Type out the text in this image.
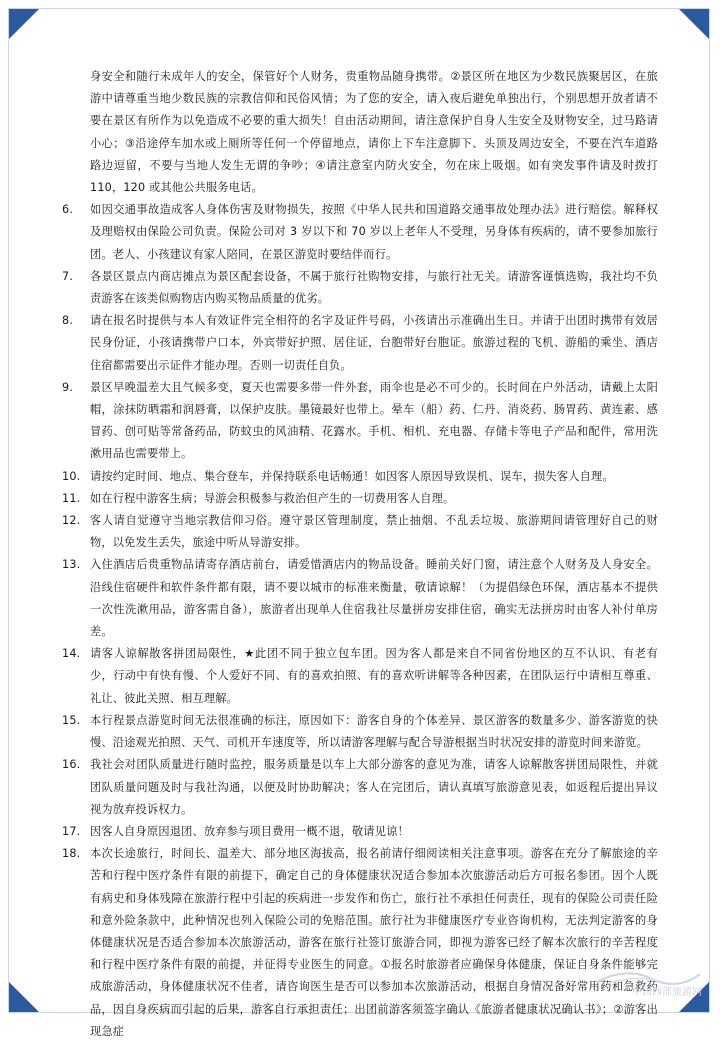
身安全和随行未成年人的安全，保管好个人财务，贵重物品随身携带。②景区所在地区为少数民族聚居区，在旅游中请尊重当地少数民族的宗教信仰和民俗风情；为了您的安全，请入夜后避免单独出行，个别思想开放者请不要在景区有所作为以免造成不必要的重大损失！自由活动期间，请注意保护自身人生安全及财物安全，过马路请小心；③沿途停车加水或上厕所等任何一个停留地点，请你上下车注意脚下、头顶及周边安全，不要在汽车道路路边逗留，不要与当地人发生无谓的争吵；④请注意室内防火安全，勿在床上吸烟。如有突发事件请及时拨打 110，120 或其他公共服务电话。

6.	如因交通事故造成客人身体伤害及财物损失，按照《中华人民共和国道路交通事故处理办法》进行赔偿。解释权及理赔权由保险公司负责。保险公司对 3 岁以下和 70 岁以上老年人不受理，另身体有疾病的，请不要参加旅行团。老人、小孩建议有家人陪同，在景区游览时要结伴而行。
7.	各景区景点内商店摊点为景区配套设备，不属于旅行社购物安排，与旅行社无关。请游客谨慎选购，我社均不负责游客在该类似购物店内购买物品质量的优劣。
8.	请在报名时提供与本人有效证件完全相符的名字及证件号码，小孩请出示准确出生日。并请于出团时携带有效居民身份证，小孩请携带户口本，外宾带好护照、居住证，台胞带好台胞证。旅游过程的飞机、游船的乘坐、酒店住宿都需要出示证件才能办理。否则一切责任自负。
9.	景区早晚温差大且气候多变，夏天也需要多带一件外套，雨伞也是必不可少的。长时间在户外活动，请戴上太阳帽，涂抹防晒霜和润唇膏，以保护皮肤。墨镜最好也带上。晕车（船）药、仁丹、消炎药、肠胃药、黄连素、感冒药、创可贴等常备药品，防蚊虫的风油精、花露水。手机、相机、充电器、存储卡等电子产品和配件，常用洗漱用品也需要带上。
10. 请按约定时间、地点、集合登车，并保持联系电话畅通！如因客人原因导致误机、误车，损失客人自理。
11. 如在行程中游客生病；导游会积极参与救治但产生的一切费用客人自理。
12. 客人请自觉遵守当地宗教信仰习俗。遵守景区管理制度，禁止抽烟、不乱丢垃圾、旅游期间请管理好自己的财物，以免发生丢失，旅途中听从导游安排。
13. 入住酒店后贵重物品请寄存酒店前台，请爱惜酒店内的物品设备。睡前关好门窗，请注意个人财务及人身安全。沿线住宿硬件和软件条件都有限，请不要以城市的标准来衡量，敬请谅解！（为提倡绿色环保，酒店基本不提供一次性洗漱用品，游客需自备），旅游者出现单人住宿我社尽量拼房安排住宿，确实无法拼房时由客人补付单房差。
14. 请客人谅解散客拼团局限性，★此团不同于独立包车团。因为客人都是来自不同省份地区的互不认识、有老有少，行动中有快有慢、个人爱好不同、有的喜欢拍照、有的喜欢听讲解等各种因素，在团队运行中请相互尊重、礼让、彼此关照、相互理解。
15. 本行程景点游览时间无法很准确的标注，原因如下：游客自身的个体差异、景区游客的数量多少、游客游览的快慢、沿途观光拍照、天气、司机开车速度等，所以请游客理解与配合导游根据当时状况安排的游览时间来游览。
16. 我社会对团队质量进行随时监控，服务质量是以车上大部分游客的意见为准，请客人谅解散客拼团局限性，并就团队质量问题及时与我社沟通，以便及时协助解决；客人在完团后，请认真填写旅游意见表，如返程后提出异议视为放弃投诉权力。
17. 因客人自身原因退团、放弃参与项目费用一概不退，敬请见谅！
18. 本次长途旅行，时间长、温差大、部分地区海拔高，报名前请仔细阅读相关注意事项。游客在充分了解旅途的辛苦和行程中医疗条件有限的前提下，确定自己的身体健康状况适合参加本次旅游活动后方可报名参团。因个人既有病史和身体残障在旅游行程中引起的疾病进一步发作和伤亡，旅行社不承担任何责任，现有的保险公司责任险和意外险条款中，此种情况也列入保险公司的免赔范围。旅行社为非健康医疗专业咨询机构，无法判定游客的身体健康状况是否适合参加本次旅游活动，游客在旅行社签订旅游合同，即视为游客已经了解本次旅行的辛苦程度和行程中医疗条件有限的前提，并征得专业医生的同意。①报名时旅游者应确保身体健康，保证自身条件能够完成旅游活动，身体健康状况不佳者，请咨询医生是否可以参加本次旅游活动，根据自身情况备好常用药和急救药品，因自身疾病而引起的后果，游客自行承担责任；出团前游客须签字确认《旅游者健康状况确认书》；②游客出现急症
中国西部旅游网
